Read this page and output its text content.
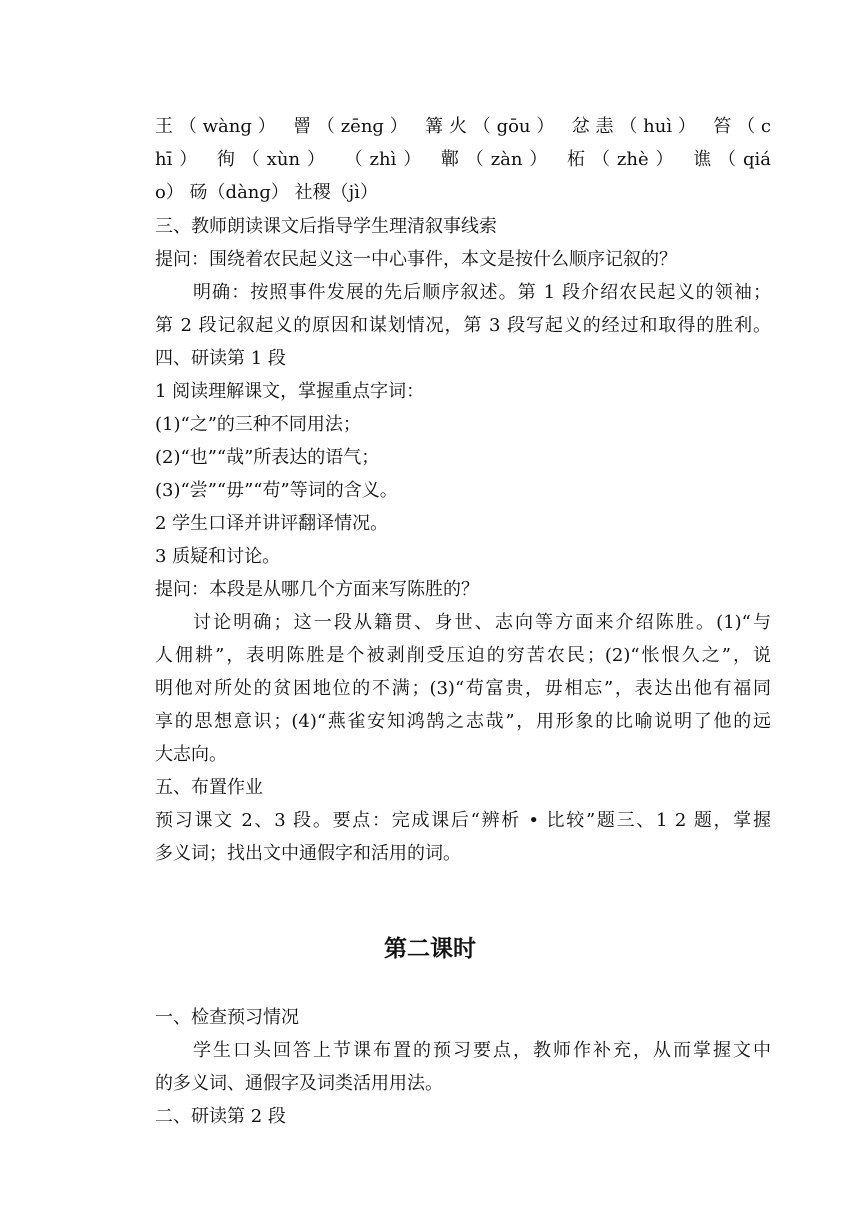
王（wànɡ） 罾（zēnɡ） 篝火（gōu） 忿恚（huì） 笞（c
hī） 徇（xùn） （zhì） 鄿（zàn） 柘（zhè） 谯（qiá
o） 砀（dànɡ） 社稷（jì）
三、教师朗读课文后指导学生理清叙事线索
提问：围绕着农民起义这一中心事件，本文是按什么顺序记叙的？
明确：按照事件发展的先后顺序叙述。第 1 段介绍农民起义的领袖；
第 2 段记叙起义的原因和谋划情况，第 3 段写起义的经过和取得的胜利。
四、研读第 1 段
1 阅读理解课文，掌握重点字词：
(1)“之”的三种不同用法；
(2)“也”“哉”所表达的语气；
(3)“尝”“毋”“苟”等词的含义。
2 学生口译并讲评翻译情况。
3 质疑和讨论。
提问：本段是从哪几个方面来写陈胜的？
讨论明确；这一段从籍贯、身世、志向等方面来介绍陈胜。(1)“与
人佣耕”，表明陈胜是个被剥削受压迫的穷苦农民；(2)“怅恨久之”，说
明他对所处的贫困地位的不满；(3)“苟富贵，毋相忘”，表达出他有福同
享的思想意识；(4)“燕雀安知鸿鹄之志哉”，用形象的比喻说明了他的远
大志向。
五、布置作业
预习课文 2、3 段。要点：完成课后“辨析 • 比较”题三、1 2 题，掌握
多义词；找出文中通假字和活用的词。
第二课时
一、检查预习情况
学生口头回答上节课布置的预习要点，教师作补充，从而掌握文中
的多义词、通假字及词类活用用法。
二、研读第 2 段
